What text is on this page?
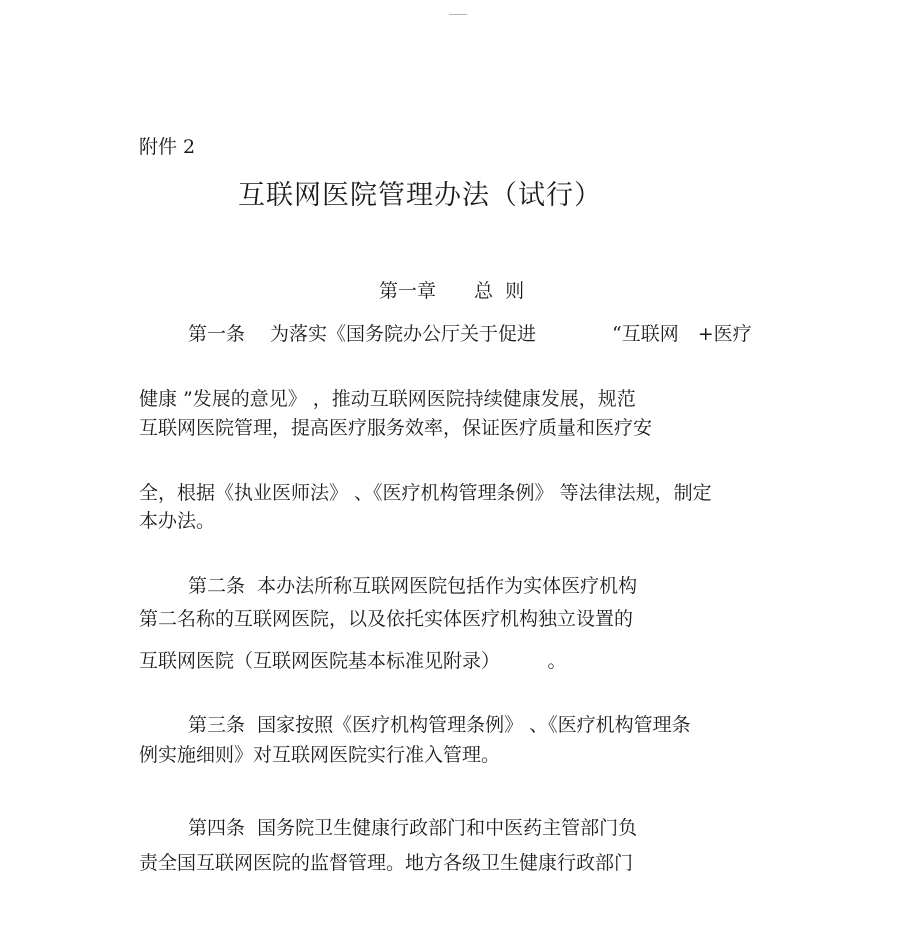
______
附件 2
互联网医院管理办法（试行）
第一章　　总  则
第一条　 为落实《国务院办公厅关于促进　　　　“互联网　+医疗
健康 ”发展的意见》 ，推动互联网医院持续健康发展，规范
互联网医院管理，提高医疗服务效率，保证医疗质量和医疗安
全，根据《执业医师法》 、《医疗机构管理条例》 等法律法规，制定
本办法。
第二条  本办法所称互联网医院包括作为实体医疗机构
第二名称的互联网医院，以及依托实体医疗机构独立设置的
互联网医院（互联网医院基本标准见附录）　　　。
第三条  国家按照《医疗机构管理条例》 、《医疗机构管理条
例实施细则》对互联网医院实行准入管理。
第四条  国务院卫生健康行政部门和中医药主管部门负
责全国互联网医院的监督管理。地方各级卫生健康行政部门
